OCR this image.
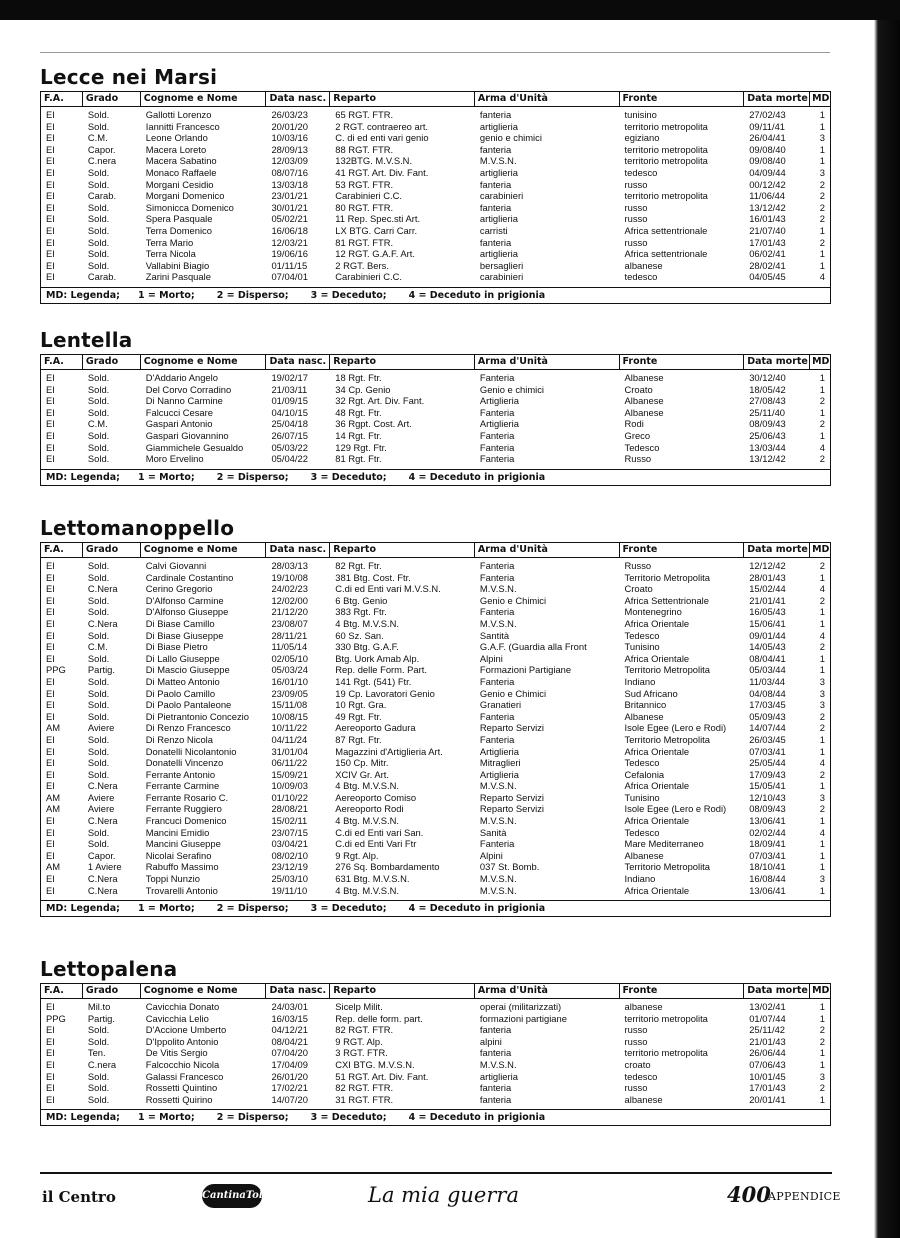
Lecce nei Marsi
F.A.	Grado	Cognome e Nome	Data nasc. Reparto	Arma d'Unità	Fronte	Data morte MD
EI	Sold.	Gallotti Lorenzo	26/03/23	65 RGT. FTR.	fanteria	tunisino	27/02/43	1
EI	Sold.	Iannitti Francesco	20/01/20	2 RGT. contraereo art.	artiglieria	territorio metropolita	09/11/41	1
EI	C.M.	Leone Orlando	10/03/16	C. di ed enti vari genio	genio e chimici	egiziano	26/04/41	3
EI	Capor.	Macera Loreto	28/09/13	88 RGT. FTR.	fanteria	territorio metropolita	09/08/40	1
EI	C.nera	Macera Sabatino	12/03/09	132BTG. M.V.S.N.	M.V.S.N.	territorio metropolita	09/08/40	1
EI	Sold.	Monaco Raffaele	08/07/16	41 RGT. Art. Div. Fant.	artiglieria	tedesco	04/09/44	3
EI	Sold.	Morgani Cesidio	13/03/18	53 RGT. FTR.	fanteria	russo	00/12/42	2
EI	Carab.	Morgani Domenico	23/01/21	Carabinieri C.C.	carabinieri	territorio metropolita	11/06/44	2
EI	Sold.	Simonicca Domenico	30/01/21	80 RGT. FTR.	fanteria	russo	13/12/42	2
EI	Sold.	Spera Pasquale	05/02/21	11 Rep. Spec.sti Art.	artiglieria	russo	16/01/43	2
EI	Sold.	Terra Domenico	16/06/18	LX BTG. Carri Carr.	carristi	Africa settentrionale	21/07/40	1
EI	Sold.	Terra Mario	12/03/21	81 RGT. FTR.	fanteria	russo	17/01/43	2
EI	Sold.	Terra Nicola	19/06/16	12 RGT. G.A.F. Art.	artiglieria	Africa settentrionale	06/02/41	1
EI	Sold.	Vallabini Biagio	01/11/15	2 RGT. Bers.	bersaglieri	albanese	28/02/41	1
EI	Carab.	Zarini Pasquale	07/04/01	Carabinieri C.C.	carabinieri	tedesco	04/05/45	4
MD: Legenda; 1 = Morto; 2 = Disperso; 3 = Deceduto; 4 = Deceduto in prigionia
Lentella
F.A.	Grado	Cognome e Nome	Data nasc. Reparto	Arma d'Unità	Fronte	Data morte MD
EI	Sold.	D'Addario Angelo	19/02/17	18 Rgt. Ftr.	Fanteria	Albanese	30/12/40	1
EI	Sold.	Del Corvo Corradino	21/03/11	34 Cp. Genio	Genio e chimici	Croato	18/05/42	1
EI	Sold.	Di Nanno Carmine	01/09/15	32 Rgt. Art. Div. Fant.	Artiglieria	Albanese	27/08/43	2
EI	Sold.	Falcucci Cesare	04/10/15	48 Rgt. Ftr.	Fanteria	Albanese	25/11/40	1
EI	C.M.	Gaspari Antonio	25/04/18	36 Rgpt. Cost. Art.	Artiglieria	Rodi	08/09/43	2
EI	Sold.	Gaspari Giovannino	26/07/15	14 Rgt. Ftr.	Fanteria	Greco	25/06/43	1
EI	Sold.	Giammichele Gesualdo	05/03/22	129 Rgt. Ftr.	Fanteria	Tedesco	13/03/44	4
EI	Sold.	Moro Ervelino	05/04/22	81 Rgt. Ftr.	Fanteria	Russo	13/12/42	2
MD: Legenda; 1 = Morto; 2 = Disperso; 3 = Deceduto; 4 = Deceduto in prigionia
Lettomanoppello
F.A.	Grado	Cognome e Nome	Data nasc. Reparto	Arma d'Unità	Fronte	Data morte MD
EI	Sold.	Calvi Giovanni	28/03/13	82 Rgt. Ftr.	Fanteria	Russo	12/12/42	2
EI	Sold.	Cardinale Costantino	19/10/08	381 Btg. Cost. Ftr.	Fanteria	Territorio Metropolita	28/01/43	1
EI	C.Nera	Cerino Gregorio	24/02/23	C.di ed Enti vari M.V.S.N.	M.V.S.N.	Croato	15/02/44	4
EI	Sold.	D'Alfonso Carmine	12/02/00	6 Btg. Genio	Genio e Chimici	Africa Settentrionale	21/01/41	2
EI	Sold.	D'Alfonso Giuseppe	21/12/20	383 Rgt. Ftr.	Fanteria	Montenegrino	16/05/43	1
EI	C.Nera	Di Biase Camillo	23/08/07	4 Btg. M.V.S.N.	M.V.S.N.	Africa Orientale	15/06/41	1
EI	Sold.	Di Biase Giuseppe	28/11/21	60 Sz. San.	Santità	Tedesco	09/01/44	4
EI	C.M.	Di Biase Pietro	11/05/14	330 Btg. G.A.F.	G.A.F. (Guardia alla Front	Tunisino	14/05/43	2
EI	Sold.	Di Lallo Giuseppe	02/05/10	Btg. Uork Amab Alp.	Alpini	Africa Orientale	08/04/41	1
PPG	Partig.	Di Mascio Giuseppe	05/03/24	Rep. delle Form. Part.	Formazioni Partigiane	Territorio Metropolita	05/03/44	1
EI	Sold.	Di Matteo Antonio	16/01/10	141 Rgt. (541) Ftr.	Fanteria	Indiano	11/03/44	3
EI	Sold.	Di Paolo Camillo	23/09/05	19 Cp. Lavoratori Genio	Genio e Chimici	Sud Africano	04/08/44	3
EI	Sold.	Di Paolo Pantaleone	15/11/08	10 Rgt. Gra.	Granatieri	Britannico	17/03/45	3
EI	Sold.	Di Pietrantonio Concezio	10/08/15	49 Rgt. Ftr.	Fanteria	Albanese	05/09/43	2
AM	Aviere	Di Renzo Francesco	10/11/22	Aereoporto Gadura	Reparto Servizi	Isole Egee (Lero e Rodi)	14/07/44	2
EI	Sold.	Di Renzo Nicola	04/11/24	87 Rgt. Ftr.	Fanteria	Territorio Metropolita	26/03/45	1
EI	Sold.	Donatelli Nicolantonio	31/01/04	Magazzini d'Artiglieria Art.	Artiglieria	Africa Orientale	07/03/41	1
EI	Sold.	Donatelli Vincenzo	06/11/22	150 Cp. Mitr.	Mitraglieri	Tedesco	25/05/44	4
EI	Sold.	Ferrante Antonio	15/09/21	XCIV Gr. Art.	Artiglieria	Cefalonia	17/09/43	2
EI	C.Nera	Ferrante Carmine	10/09/03	4 Btg. M.V.S.N.	M.V.S.N.	Africa Orientale	15/05/41	1
AM	Aviere	Ferrante Rosario C.	01/10/22	Aereoporto Comiso	Reparto Servizi	Tunisino	12/10/43	3
AM	Aviere	Ferrante Ruggiero	28/08/21	Aereoporto Rodi	Reparto Servizi	Isole Egee (Lero e Rodi)	08/09/43	2
EI	C.Nera	Francuci Domenico	15/02/11	4 Btg. M.V.S.N.	M.V.S.N.	Africa Orientale	13/06/41	1
EI	Sold.	Mancini Emidio	23/07/15	C.di ed Enti vari San.	Sanità	Tedesco	02/02/44	4
EI	Sold.	Mancini Giuseppe	03/04/21	C.di ed Enti Vari Ftr	Fanteria	Mare Mediterraneo	18/09/41	1
EI	Capor.	Nicolai Serafino	08/02/10	9 Rgt. Alp.	Alpini	Albanese	07/03/41	1
AM	1 Aviere	Rabuffo Massimo	23/12/19	276 Sq. Bombardamento	037 St. Bomb.	Territorio Metropolita	18/10/41	1
EI	C.Nera	Toppi Nunzio	25/03/10	631 Btg. M.V.S.N.	M.V.S.N.	Indiano	16/08/44	3
EI	C.Nera	Trovarelli Antonio	19/11/10	4 Btg. M.V.S.N.	M.V.S.N.	Africa Orientale	13/06/41	1
MD: Legenda; 1 = Morto; 2 = Disperso; 3 = Deceduto; 4 = Deceduto in prigionia
Lettopalena
F.A.	Grado	Cognome e Nome	Data nasc. Reparto	Arma d'Unità	Fronte	Data morte MD
EI	Mil.to	Cavicchia Donato	24/03/01	Sicelp Milit.	operai (militarizzati)	albanese	13/02/41	1
PPG	Partig.	Cavicchia Lelio	16/03/15	Rep. delle form. part.	formazioni partigiane	territorio metropolita	01/07/44	1
EI	Sold.	D'Accione Umberto	04/12/21	82 RGT. FTR.	fanteria	russo	25/11/42	2
EI	Sold.	D'Ippolito Antonio	08/04/21	9 RGT. Alp.	alpini	russo	21/01/43	2
EI	Ten.	De Vitis Sergio	07/04/20	3 RGT. FTR.	fanteria	territorio metropolita	26/06/44	1
EI	C.nera	Falcocchio Nicola	17/04/09	CXI BTG. M.V.S.N.	M.V.S.N.	croato	07/06/43	1
EI	Sold.	Galassi Francesco	26/01/20	51 RGT. Art. Div. Fant.	artiglieria	tedesco	10/01/45	3
EI	Sold.	Rossetti Quintino	17/02/21	82 RGT. FTR.	fanteria	russo	17/01/43	2
EI	Sold.	Rossetti Quirino	14/07/20	31 RGT. FTR.	fanteria	albanese	20/01/41	1
MD: Legenda; 1 = Morto; 2 = Disperso; 3 = Deceduto; 4 = Deceduto in prigionia
il Centro	CantinaTollo	La mia guerra	400
APPENDICE
